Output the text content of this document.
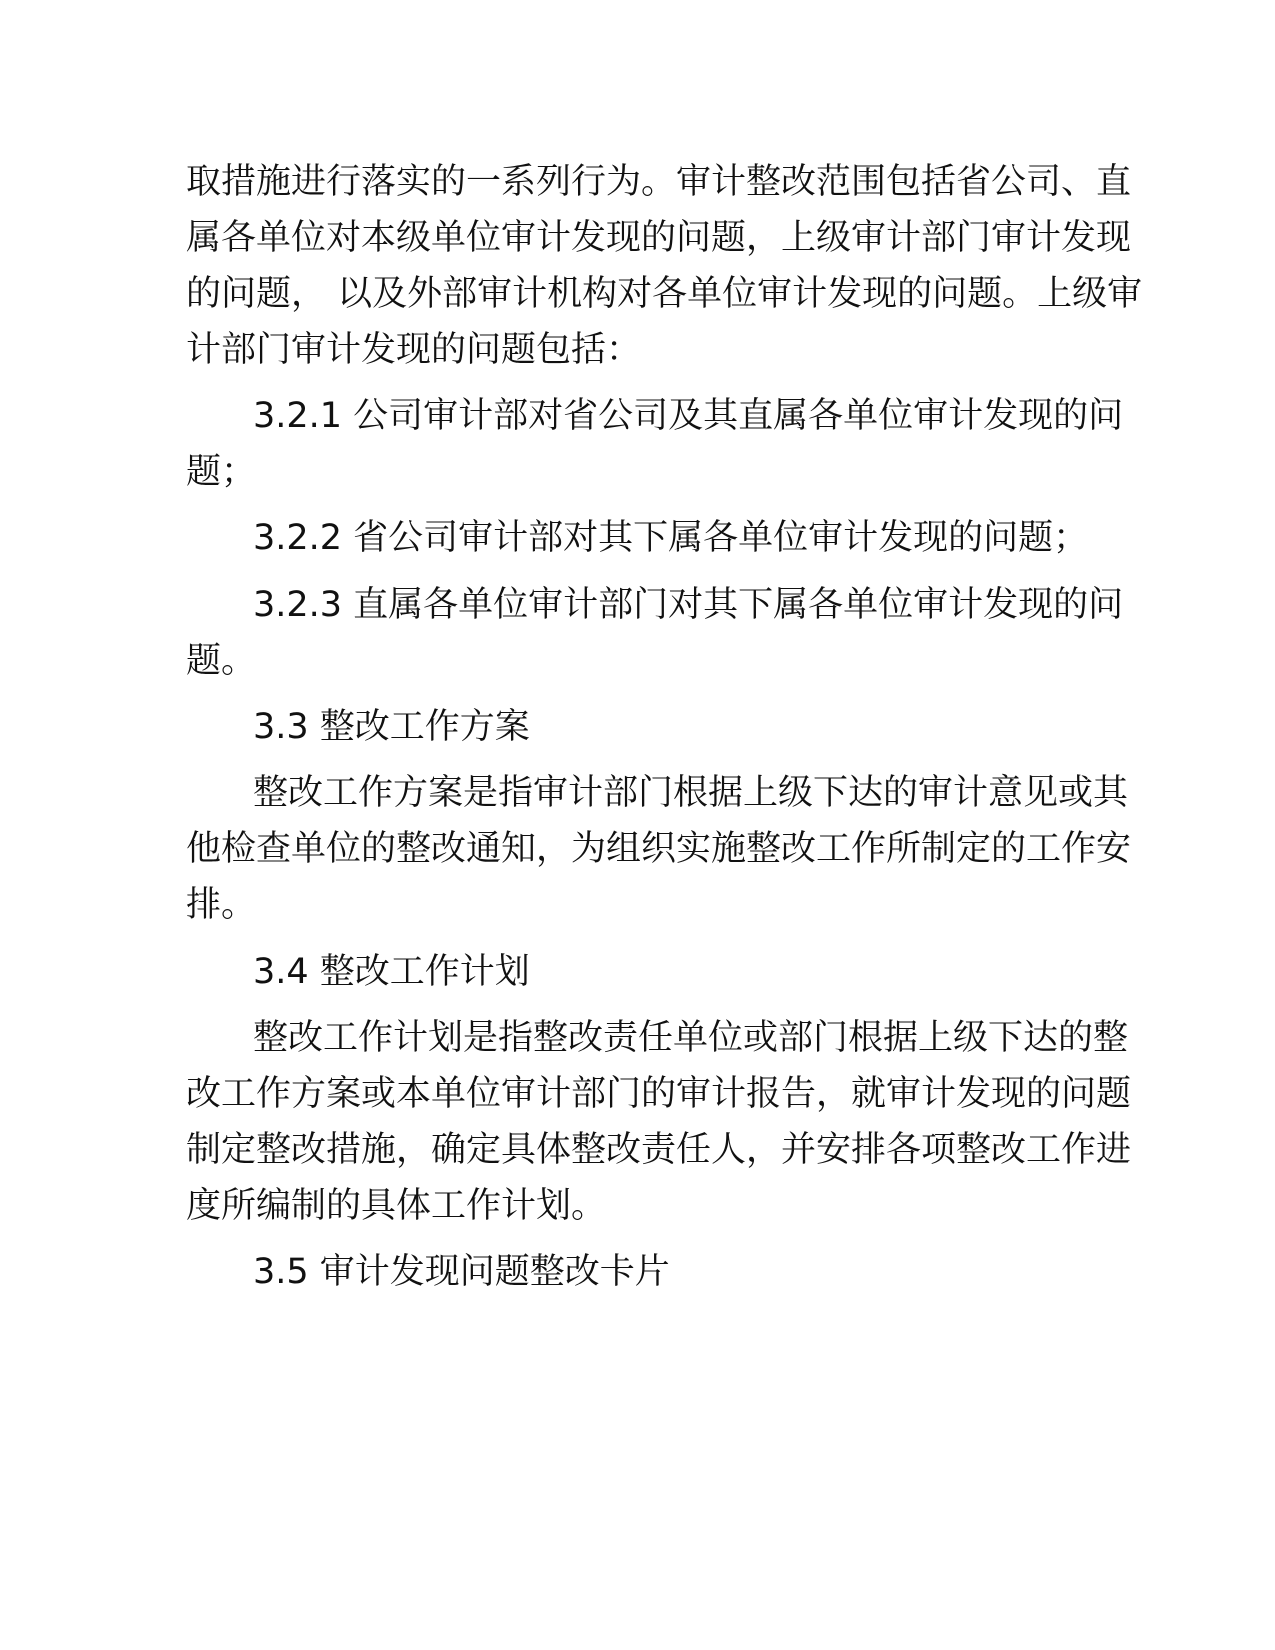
取措施进行落实的一系列行为。审计整改范围包括省公司、直
属各单位对本级单位审计发现的问题，上级审计部门审计发现
的问题， 以及外部审计机构对各单位审计发现的问题。上级审
计部门审计发现的问题包括：
3.2.1 公司审计部对省公司及其直属各单位审计发现的问
题；
3.2.2 省公司审计部对其下属各单位审计发现的问题；
3.2.3 直属各单位审计部门对其下属各单位审计发现的问
题。
3.3 整改工作方案
整改工作方案是指审计部门根据上级下达的审计意见或其
他检查单位的整改通知，为组织实施整改工作所制定的工作安
排。
3.4 整改工作计划
整改工作计划是指整改责任单位或部门根据上级下达的整
改工作方案或本单位审计部门的审计报告，就审计发现的问题
制定整改措施，确定具体整改责任人，并安排各项整改工作进
度所编制的具体工作计划。
3.5 审计发现问题整改卡片
